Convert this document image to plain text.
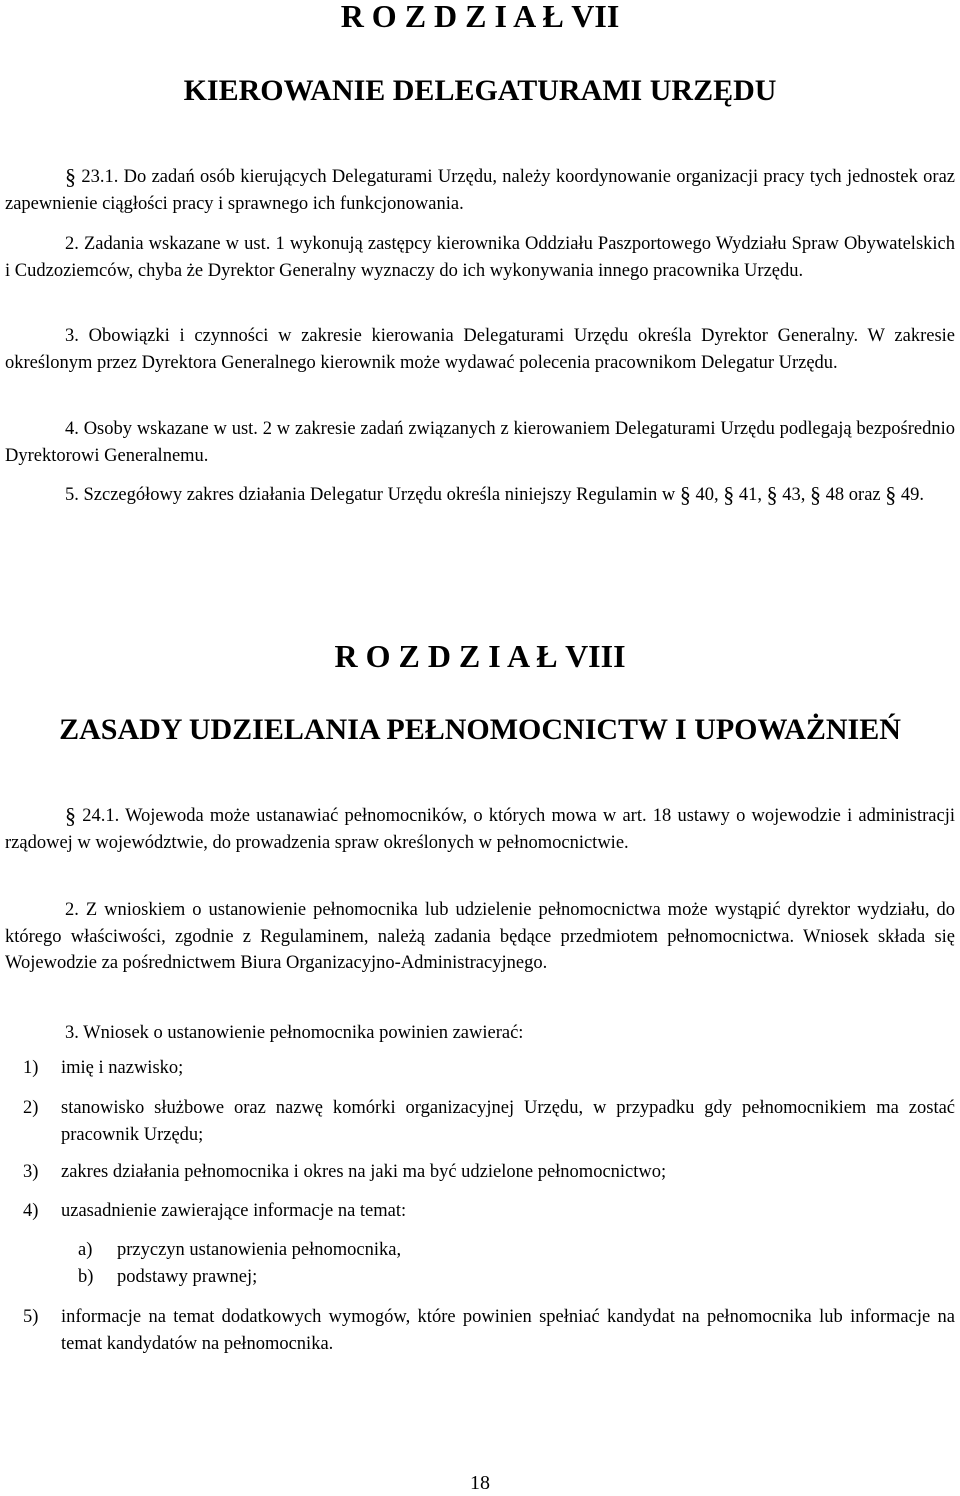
R O Z D Z I A Ł VII
KIEROWANIE DELEGATURAMI URZĘDU
§ 23.1. Do zadań osób kierujących Delegaturami Urzędu, należy koordynowanie organizacji pracy tych jednostek oraz zapewnienie ciągłości pracy i sprawnego ich funkcjonowania.
2. Zadania wskazane w ust. 1 wykonują zastępcy kierownika Oddziału Paszportowego Wydziału Spraw Obywatelskich i Cudzoziemców, chyba że Dyrektor Generalny wyznaczy do ich wykonywania innego pracownika Urzędu.
3. Obowiązki i czynności w zakresie kierowania Delegaturami Urzędu określa Dyrektor Generalny. W zakresie określonym przez Dyrektora Generalnego kierownik może wydawać polecenia pracownikom Delegatur Urzędu.
4. Osoby wskazane w ust. 2 w zakresie zadań związanych z kierowaniem Delegaturami Urzędu podlegają bezpośrednio Dyrektorowi Generalnemu.
5. Szczegółowy zakres działania Delegatur Urzędu określa niniejszy Regulamin w § 40, § 41, § 43, § 48 oraz § 49.
R O Z D Z I A Ł VIII
ZASADY UDZIELANIA PEŁNOMOCNICTW I UPOWAŻNIEŃ
§ 24.1. Wojewoda może ustanawiać pełnomocników, o których mowa w art. 18 ustawy o wojewodzie i administracji rządowej w województwie, do prowadzenia spraw określonych w pełnomocnictwie.
2. Z wnioskiem o ustanowienie pełnomocnika lub udzielenie pełnomocnictwa może wystąpić dyrektor wydziału, do którego właściwości, zgodnie z Regulaminem, należą zadania będące przedmiotem pełnomocnictwa. Wniosek składa się Wojewodzie za pośrednictwem Biura Organizacyjno-Administracyjnego.
3. Wniosek o ustanowienie pełnomocnika powinien zawierać:
1) imię i nazwisko;
2) stanowisko służbowe oraz nazwę komórki organizacyjnej Urzędu, w przypadku gdy pełnomocnikiem ma zostać pracownik Urzędu;
3) zakres działania pełnomocnika i okres na jaki ma być udzielone pełnomocnictwo;
4) uzasadnienie zawierające informacje na temat:
a) przyczyn ustanowienia pełnomocnika,
b) podstawy prawnej;
5) informacje na temat dodatkowych wymogów, które powinien spełniać kandydat na pełnomocnika lub informacje na temat kandydatów na pełnomocnika.
18
